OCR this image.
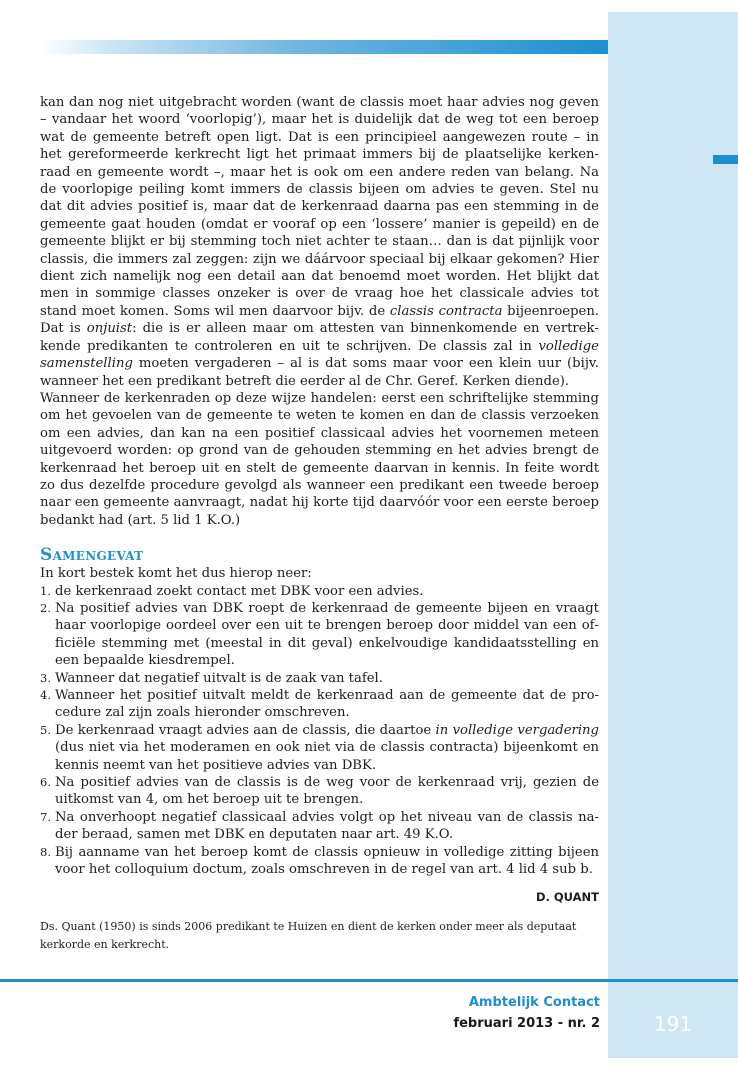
kan dan nog niet uitgebracht worden (want de classis moet haar advies nog geven – vandaar het woord ‘voorlopig’), maar het is duidelijk dat de weg tot een beroep wat de gemeente betreft open ligt. Dat is een principieel aangewezen route – in het gereformeerde kerkrecht ligt het primaat immers bij de plaatselijke kerkenraad en gemeente wordt –, maar het is ook om een andere reden van belang. Na de voorlopige peiling komt immers de classis bijeen om advies te geven. Stel nu dat dit advies positief is, maar dat de kerkenraad daarna pas een stemming in de gemeente gaat houden (omdat er vooraf op een ‘lossere’ manier is gepeild) en de gemeente blijkt er bij stemming toch niet achter te staan… dan is dat pijnlijk voor classis, die immers zal zeggen: zijn we dáárvoor speciaal bij elkaar gekomen? Hier dient zich namelijk nog een detail aan dat benoemd moet worden. Het blijkt dat men in sommige classes onzeker is over de vraag hoe het classicale advies tot stand moet komen. Soms wil men daarvoor bijv. de classis contracta bijeenroepen. Dat is onjuist: die is er alleen maar om attesten van binnenkomende en vertrekkende predikanten te controleren en uit te schrijven. De classis zal in volledige samenstelling moeten vergaderen – al is dat soms maar voor een klein uur (bijv. wanneer het een predikant betreft die eerder al de Chr. Geref. Kerken diende).

Wanneer de kerkenraden op deze wijze handelen: eerst een schriftelijke stemming om het gevoelen van de gemeente te weten te komen en dan de classis verzoeken om een advies, dan kan na een positief classicaal advies het voornemen meteen uitgevoerd worden: op grond van de gehouden stemming en het advies brengt de kerkenraad het beroep uit en stelt de gemeente daarvan in kennis. In feite wordt zo dus dezelfde procedure gevolgd als wanneer een predikant een tweede beroep naar een gemeente aanvraagt, nadat hij korte tijd daarvóór voor een eerste beroep bedankt had (art. 5 lid 1 K.O.)

Samengevat

In kort bestek komt het dus hierop neer:

1. de kerkenraad zoekt contact met DBK voor een advies.
2. Na positief advies van DBK roept de kerkenraad de gemeente bijeen en vraagt haar voorlopige oordeel over een uit te brengen beroep door middel van een officiële stemming met (meestal in dit geval) enkelvoudige kandidaatsstelling en een bepaalde kiesdrempel.
3. Wanneer dat negatief uitvalt is de zaak van tafel.
4. Wanneer het positief uitvalt meldt de kerkenraad aan de gemeente dat de procedure zal zijn zoals hieronder omschreven.
5. De kerkenraad vraagt advies aan de classis, die daartoe in volledige vergadering (dus niet via het moderamen en ook niet via de classis contracta) bijeenkomt en kennis neemt van het positieve advies van DBK.
6. Na positief advies van de classis is de weg voor de kerkenraad vrij, gezien de uitkomst van 4, om het beroep uit te brengen.
7. Na onverhoopt negatief classicaal advies volgt op het niveau van de classis nader beraad, samen met DBK en deputaten naar art. 49 K.O.
8. Bij aanname van het beroep komt de classis opnieuw in volledige zitting bijeen voor het colloquium doctum, zoals omschreven in de regel van art. 4 lid 4 sub b.

D. QUANT

Ds. Quant (1950) is sinds 2006 predikant te Huizen en dient de kerken onder meer als deputaat kerkorde en kerkrecht.

Ambtelijk Contact
februari 2013 - nr. 2	191
